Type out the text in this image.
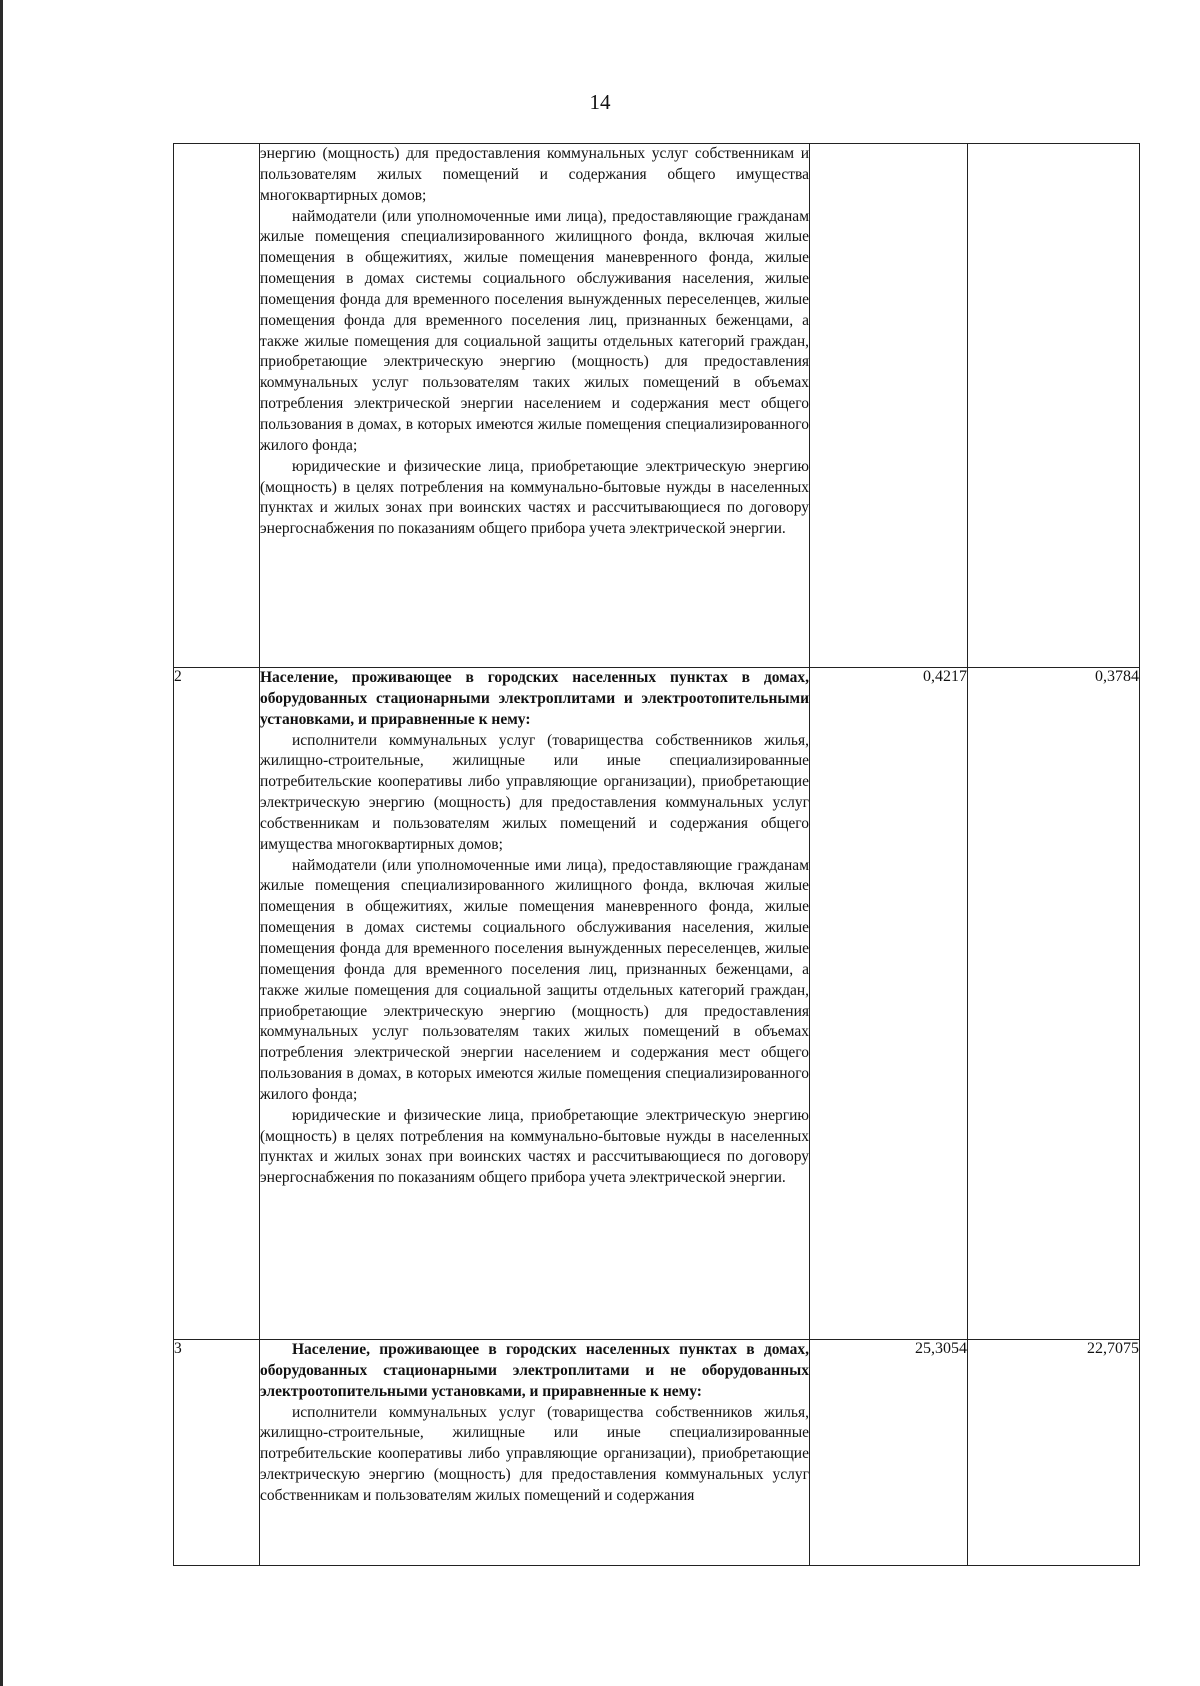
14

	энергию (мощность) для предоставления коммунальных услуг собственникам и пользователям жилых помещений и содержания общего имущества многоквартирных домов;

наймодатели (или уполномоченные ими лица), предоставляющие гражданам жилые помещения специализированного жилищного фонда, включая жилые помещения в общежитиях, жилые помещения маневренного фонда, жилые помещения в домах системы социального обслуживания населения, жилые помещения фонда для временного поселения вынужденных переселенцев, жилые помещения фонда для временного поселения лиц, признанных беженцами, а также жилые помещения для социальной защиты отдельных категорий граждан, приобретающие электрическую энергию (мощность) для предоставления коммунальных услуг пользователям таких жилых помещений в объемах потребления электрической энергии населением и содержания мест общего пользования в домах, в которых имеются жилые помещения специализированного жилого фонда;

юридические и физические лица, приобретающие электрическую энергию (мощность) в целях потребления на коммунально-бытовые нужды в населенных пунктах и жилых зонах при воинских частях и рассчитывающиеся по договору энергоснабжения по показаниям общего прибора учета электрической энергии.		

2	Население, проживающее в городских населенных пунктах в домах, оборудованных стационарными электроплитами и электроотопительными установками, и приравненные к нему:

исполнители коммунальных услуг (товарищества собственников жилья, жилищно-строительные, жилищные или иные специализированные потребительские кооперативы либо управляющие организации), приобретающие электрическую энергию (мощность) для предоставления коммунальных услуг собственникам и пользователям жилых помещений и содержания общего имущества многоквартирных домов;

наймодатели (или уполномоченные ими лица), предоставляющие гражданам жилые помещения специализированного жилищного фонда, включая жилые помещения в общежитиях, жилые помещения маневренного фонда, жилые помещения в домах системы социального обслуживания населения, жилые помещения фонда для временного поселения вынужденных переселенцев, жилые помещения фонда для временного поселения лиц, признанных беженцами, а также жилые помещения для социальной защиты отдельных категорий граждан, приобретающие электрическую энергию (мощность) для предоставления коммунальных услуг пользователям таких жилых помещений в объемах потребления электрической энергии населением и содержания мест общего пользования в домах, в которых имеются жилые помещения специализированного жилого фонда;

юридические и физические лица, приобретающие электрическую энергию (мощность) в целях потребления на коммунально-бытовые нужды в населенных пунктах и жилых зонах при воинских частях и рассчитывающиеся по договору энергоснабжения по показаниям общего прибора учета электрической энергии.	0,4217	0,3784
3	Население, проживающее в городских населенных пунктах в домах, оборудованных стационарными электроплитами и не оборудованных электроотопительными установками, и приравненные к нему:

исполнители коммунальных услуг (товарищества собственников жилья, жилищно-строительные, жилищные или иные специализированные потребительские кооперативы либо управляющие организации), приобретающие электрическую энергию (мощность) для предоставления коммунальных услуг собственникам и пользователям жилых помещений и содержания	25,3054	22,7075
